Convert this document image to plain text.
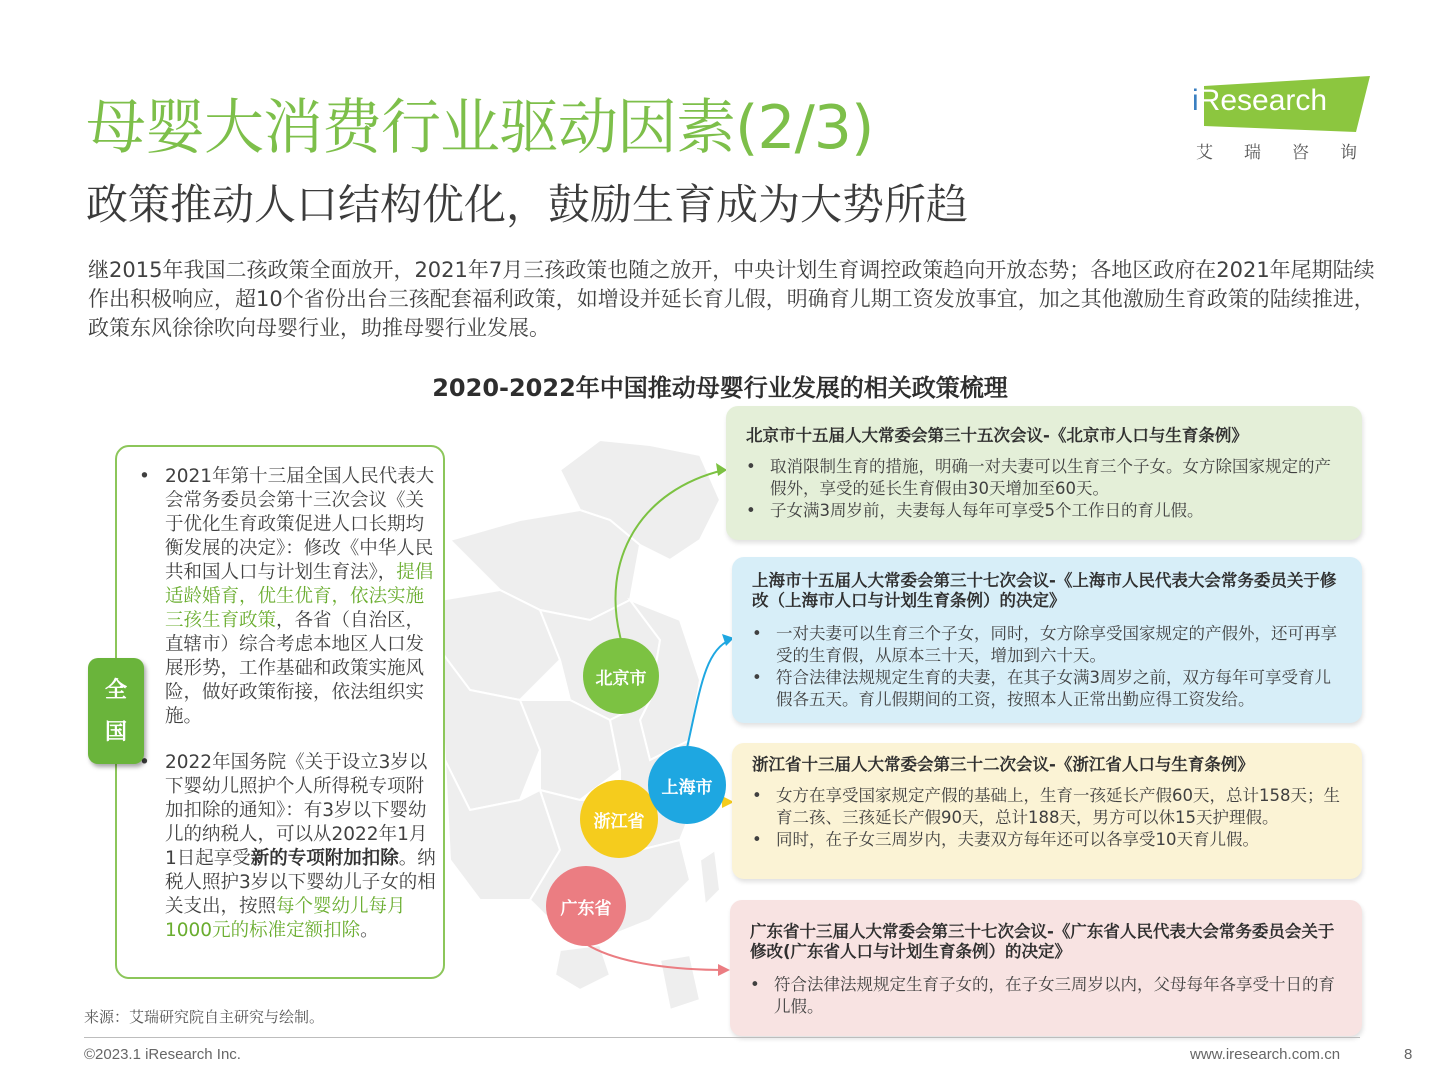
母婴大消费行业驱动因素(2/3)
政策推动人口结构优化，鼓励生育成为大势所趋
iResearch
艾瑞咨询
继2015年我国二孩政策全面放开，2021年7月三孩政策也随之放开，中央计划生育调控政策趋向开放态势；各地区政府在2021年尾期陆续作出积极响应，超10个省份出台三孩配套福利政策，如增设并延长育儿假，明确育儿期工资发放事宜，加之其他激励生育政策的陆续推进，政策东风徐徐吹向母婴行业，助推母婴行业发展。
2020-2022年中国推动母婴行业发展的相关政策梳理
• 2021年第十三届全国人民代表大会常务委员会第十三次会议《关于优化生育政策促进人口长期均衡发展的决定》：修改《中华人民共和国人口与计划生育法》，提倡适龄婚育，优生优育，依法实施三孩生育政策，各省（自治区，直辖市）综合考虑本地区人口发展形势，工作基础和政策实施风险，做好政策衔接，依法组织实施。
• 2022年国务院《关于设立3岁以下婴幼儿照护个人所得税专项附加扣除的通知》：有3岁以下婴幼儿的纳税人，可以从2022年1月1日起享受新的专项附加扣除。纳税人照护3岁以下婴幼儿子女的相关支出，按照每个婴幼儿每月1000元的标准定额扣除。
全
国
北京市
浙江省
上海市
广东省
北京市十五届人大常委会第三十五次会议-《北京市人口与生育条例》
• 取消限制生育的措施，明确一对夫妻可以生育三个子女。女方除国家规定的产假外，享受的延长生育假由30天增加至60天。
• 子女满3周岁前，夫妻每人每年可享受5个工作日的育儿假。
上海市十五届人大常委会第三十七次会议-《上海市人民代表大会常务委员关于修改（上海市人口与计划生育条例）的决定》
• 一对夫妻可以生育三个子女，同时，女方除享受国家规定的产假外，还可再享受的生育假，从原本三十天，增加到六十天。
• 符合法律法规规定生育的夫妻，在其子女满3周岁之前，双方每年可享受育儿假各五天。育儿假期间的工资，按照本人正常出勤应得工资发给。
浙江省十三届人大常委会第三十二次会议-《浙江省人口与生育条例》
• 女方在享受国家规定产假的基础上，生育一孩延长产假60天，总计158天；生育二孩、三孩延长产假90天，总计188天，男方可以休15天护理假。
• 同时，在子女三周岁内，夫妻双方每年还可以各享受10天育儿假。
广东省十三届人大常委会第三十七次会议-《广东省人民代表大会常务委员会关于修改(广东省人口与计划生育条例）的决定》
• 符合法律法规规定生育子女的，在子女三周岁以内，父母每年各享受十日的育儿假。
来源：艾瑞研究院自主研究与绘制。
©2023.1 iResearch Inc.	www.iresearch.com.cn	8
